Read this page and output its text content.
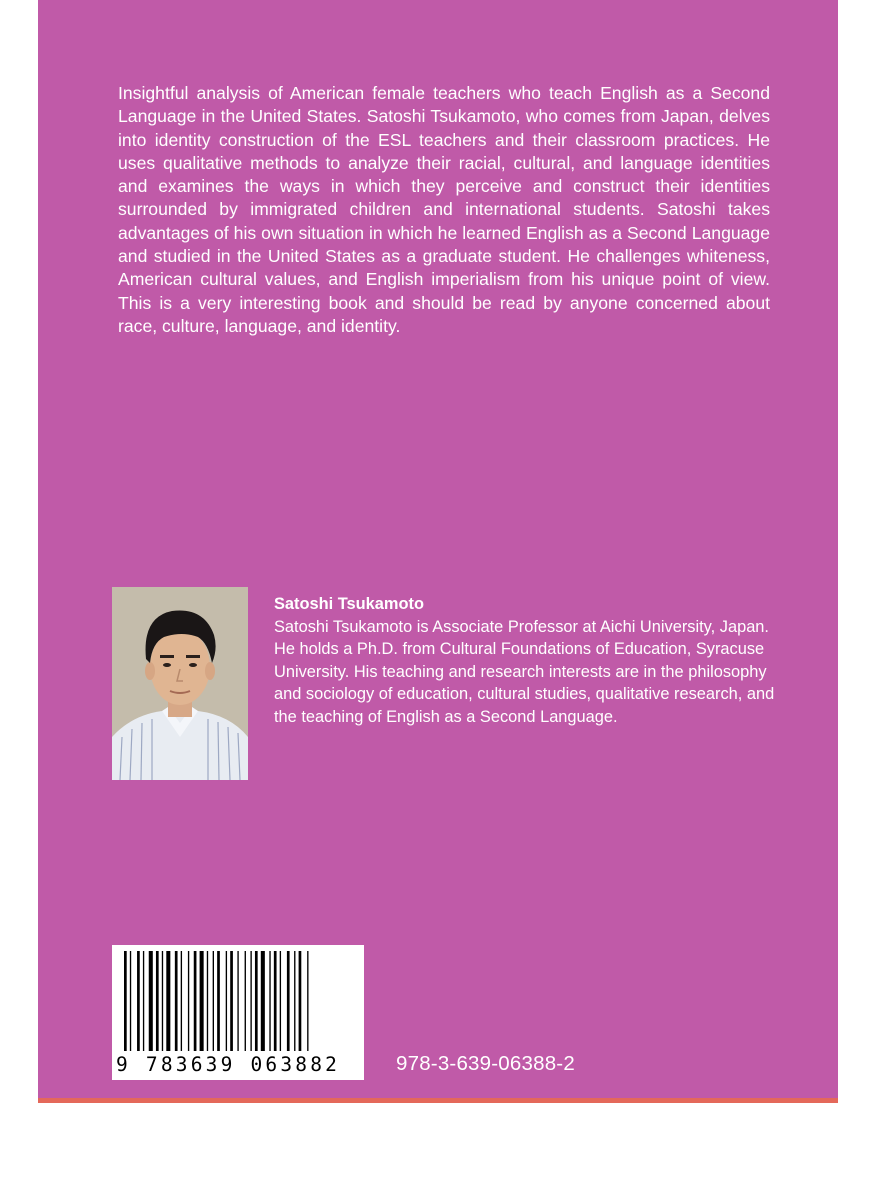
Insightful analysis of American female teachers who teach English as a Second Language in the United States. Satoshi Tsukamoto, who comes from Japan, delves into identity construction of the ESL teachers and their classroom practices. He uses qualitative methods to analyze their racial, cultural, and language identities and examines the ways in which they perceive and construct their identities surrounded by immigrated children and international students. Satoshi takes advantages of his own situation in which he learned English as a Second Language and studied in the United States as a graduate student. He challenges whiteness, American cultural values, and English imperialism from his unique point of view. This is a very interesting book and should be read by anyone concerned about race, culture, language, and identity.

Satoshi Tsukamoto

Satoshi Tsukamoto is Associate Professor at Aichi University, Japan. He holds a Ph.D. from Cultural Foundations of Education, Syracuse University. His teaching and research interests are in the philosophy and sociology of education, cultural studies, qualitative research, and the teaching of English as a Second Language.

9 783639 063882	978-3-639-06388-2
